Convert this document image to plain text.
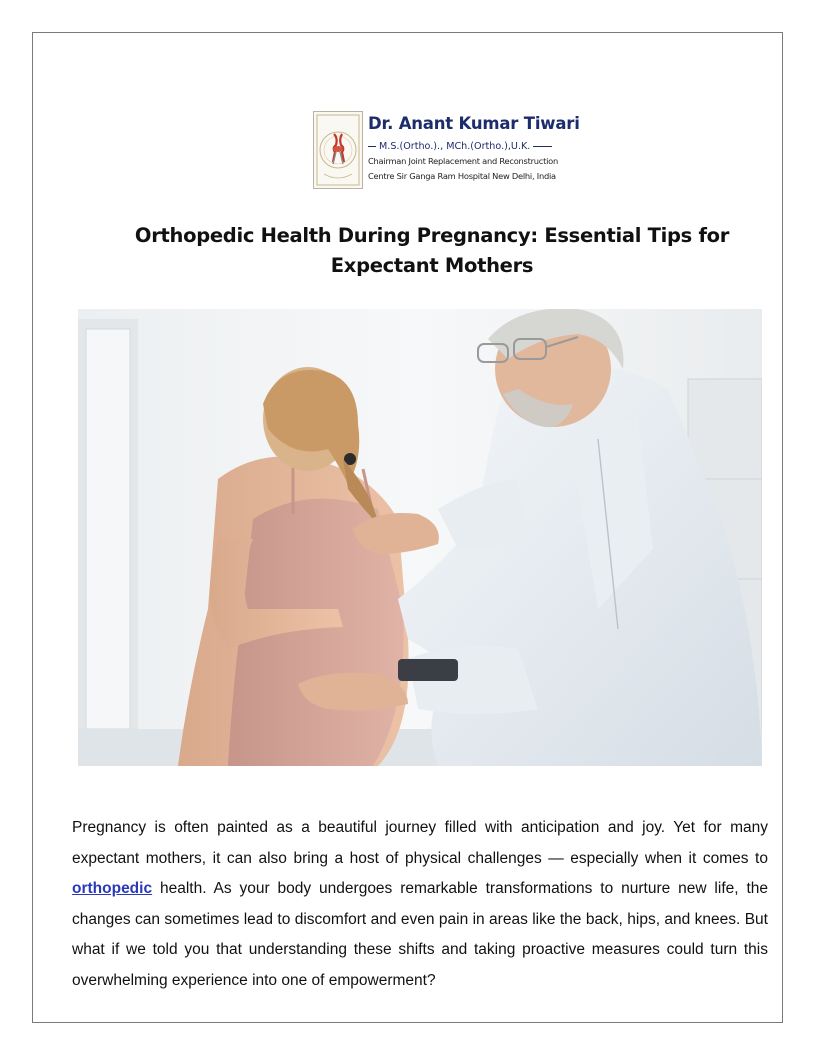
Dr. Anant Kumar Tiwari
M.S.(Ortho.)., MCh.(Ortho.),U.K.
Chairman Joint Replacement and Reconstruction
Centre Sir Ganga Ram Hospital New Delhi, India
Orthopedic Health During Pregnancy: Essential Tips for Expectant Mothers

Pregnancy is often painted as a beautiful journey filled with anticipation and joy. Yet for many expectant mothers, it can also bring a host of physical challenges — especially when it comes to orthopedic health. As your body undergoes remarkable transformations to nurture new life, the changes can sometimes lead to discomfort and even pain in areas like the back, hips, and knees. But what if we told you that understanding these shifts and taking proactive measures could turn this overwhelming experience into one of empowerment?
